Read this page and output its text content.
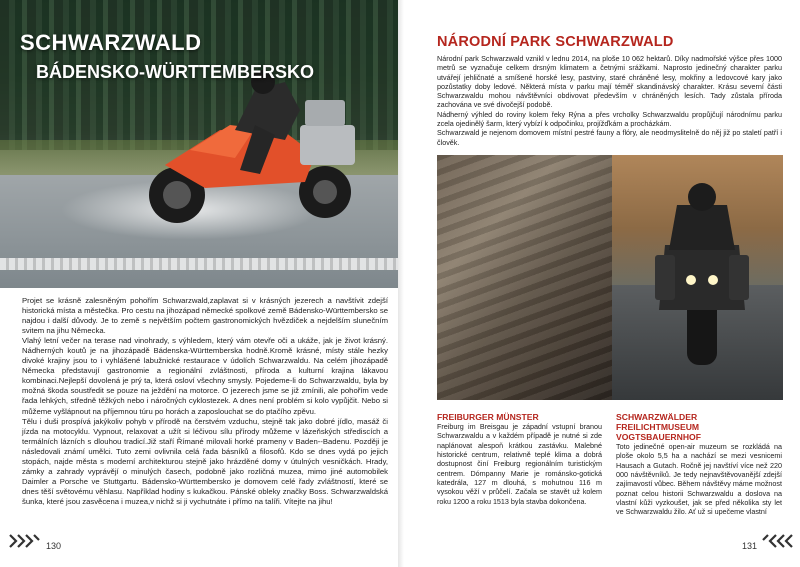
SCHWARZWALD
BÁDENSKO-WÜRTTEMBERSKO

Projet se krásně zalesněným pohořím Schwarzwald,zaplavat si v krásných jezerech a navštívit zdejší historická místa a městečka. Pro cestu na jihozápad německé spolkové země Bádensko-Württembersko se najdou i další důvody. Je to země s největším počtem gastronomických hvězdiček a nejdelším slunečním svitem na jihu Německa.

Vlahý letní večer na terase nad vinohrady, s výhledem, který vám otevře oči a ukáže, jak je život krásný. Nádherných koutů je na jihozápadě Bádenska-Württemberska hodně.Kromě krásné, místy stále hezky divoké krajiny jsou to i vyhlášené labužnické restaurace v údolích Schwarzwaldu. Na celém jihozápadě Německa představují gastronomie a regionální zvláštnosti, příroda a kulturní krajina lákavou kombinaci.Nejlepší dovolená je prý ta, která osloví všechny smysly. Pojedeme-li do Schwarzwaldu, byla by možná škoda soustředit se pouze na ježdění na motorce. O jezerech jsme se již zmínili, ale pohořím vede řada lehkých, středně těžkých nebo i náročných cyklostezek. A dnes není problém si kolo vypůjčit. Nebo si můžeme vyšlápnout na příjemnou túru po horách a zaposlouchat se do ptačího zpěvu.

Tělu i duši prospívá jakýkoliv pohyb v přírodě na čerstvém vzduchu, stejně tak jako dobré jídlo, masáž či jízda na motocyklu. Vypnout, relaxovat a užít si léčivou sílu přírody můžeme v lázeňských střediscích a termálních lázních s dlouhou tradicí.Již staří Římané milovali horké prameny v Baden--Badenu. Později je následovali známí umělci. Tuto zemi ovlivnila celá řada básníků a filosofů. Kdo se dnes vydá po jejich stopách, najde města s moderní architekturou stejně jako hrázděné domy v útulných vesničkách. Hrady, zámky a zahrady vyprávějí o minulých časech, podobně jako rozličná muzea, mimo jiné automobilek Daimler a Porsche ve Stuttgartu. Bádensko-Württembersko je domovem celé řady zvláštností, které se dnes těší světovému věhlasu. Například hodiny s kukačkou. Pánské obleky značky Boss. Schwarzwaldská šunka, které jsou zasvěcena i muzea,v nichž si ji vychutnáte i přímo na talíři. Vítejte na jihu!

130
NÁRODNÍ PARK SCHWARZWALD

Národní park Schwarzwald vznikl v lednu 2014, na ploše 10 062 hektarů. Díky nadmořské výšce přes 1000 metrů se vyznačuje celkem drsným klimatem a četnými srážkami. Naprosto jedinečný charakter parku utvářejí jehličnaté a smíšené horské lesy, pastviny, staré chráněné lesy, mokřiny a ledovcové kary jako pozůstatky doby ledové. Některá místa v parku mají téměř skandinávský charakter. Krásu severní části Schwarzwaldu mohou návštěvníci obdivovat především v chráněných lesích. Tady zůstala příroda zachována ve své divočejší podobě.

Nádherný výhled do roviny kolem řeky Rýna a přes vrcholky Schwarzwaldu propůjčují národnímu parku zcela ojedinělý šarm, který vybízí k odpočinku, projížďkám a procházkám.

Schwarzwald je nejenom domovem místní pestré fauny a flóry, ale neodmyslitelně do něj již po staletí patří i člověk.

FREIBURGER MÜNSTER

Freiburg im Breisgau je západní vstupní branou Schwarzwaldu a v každém případě je nutné si zde naplánovat alespoň krátkou zastávku. Malebné historické centrum, relativně teplé klima a dobrá dostupnost činí Freiburg regionálním turistickým centrem. Dómpanny Marie je románsko-gotická katedrála, 127 m dlouhá, s mohutnou 116 m vysokou věží v průčelí. Začala se stavět už kolem roku 1200 a roku 1513 byla stavba dokončena.

SCHWARZWÄLDER FREILICHTMUSEUM VOGTSBAUERNHOF

Toto jedinečné open-air muzeum se rozkládá na ploše okolo 5,5 ha a nachází se mezi vesnicemi Hausach a Gutach. Ročně jej navštíví více než 220 000 návštěvníků. Je tedy nejnavštěvovanější zdejší zajímavostí vůbec. Během návštěvy máme možnost poznat celou historii Schwarzwaldu a doslova na vlastní kůži vyzkoušet, jak se před několika sty let ve Schwarzwaldu žilo. Ať už si upečeme vlastní

131
